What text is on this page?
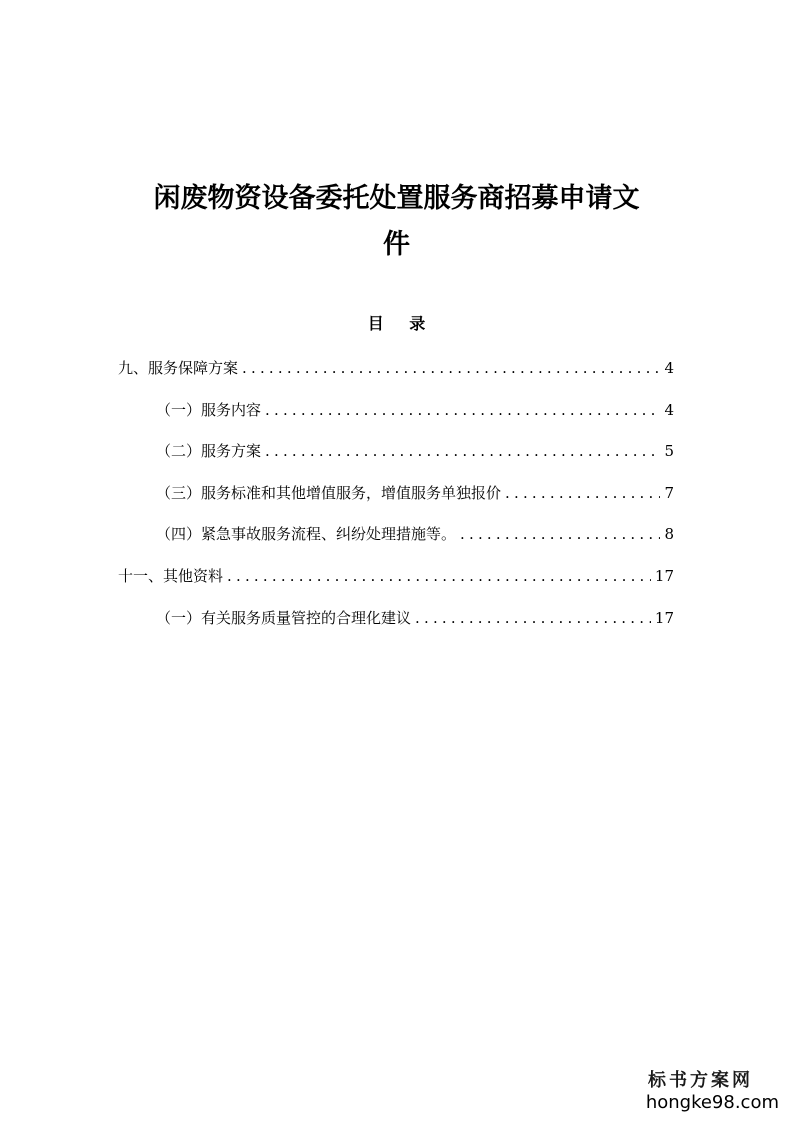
闲废物资设备委托处置服务商招募申请文
件
目 录
九、服务保障方案 .....	4
（一）服务内容 .....	4
（二）服务方案 .....	5
（三）服务标准和其他增值服务，增值服务单独报价 .....	7
（四）紧急事故服务流程、纠纷处理措施等。 .....	8
十一、其他资料 .....	17
（一）有关服务质量管控的合理化建议 .....	17
标书方案网
hongke98.com
